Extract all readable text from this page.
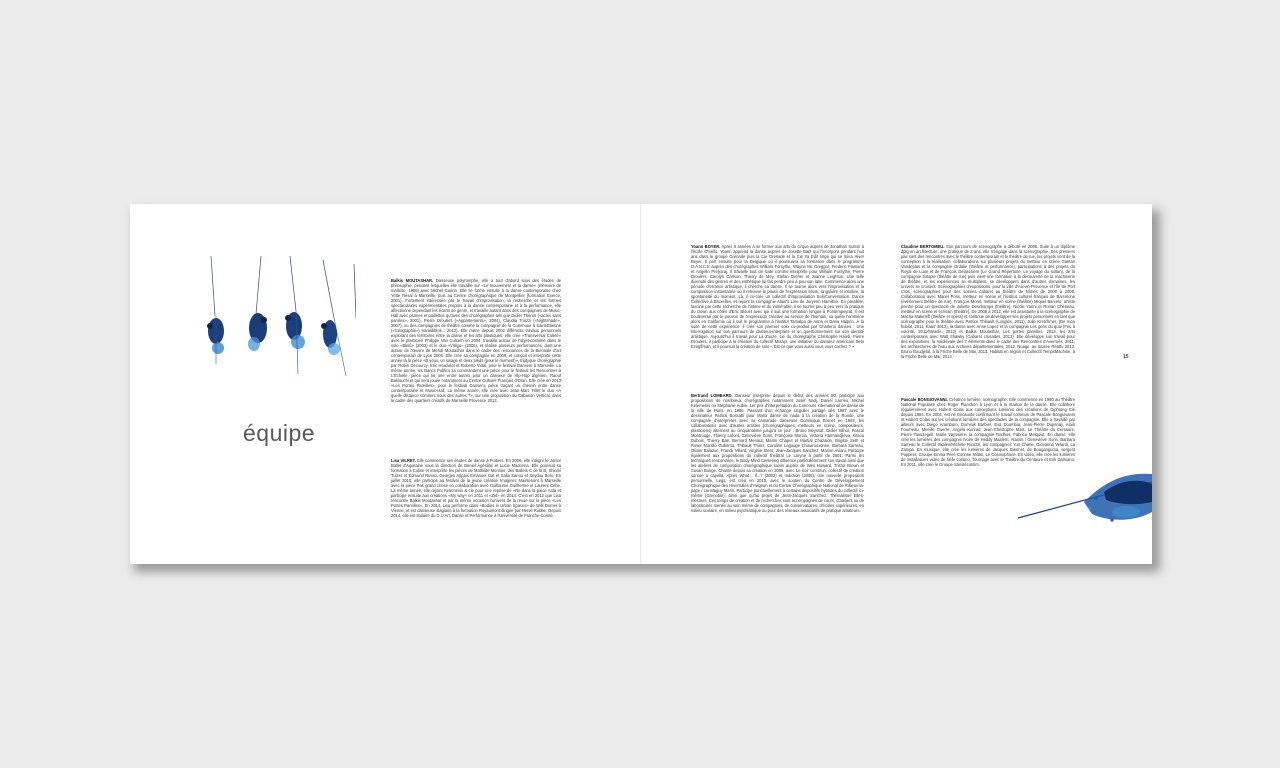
équipe

Balkis MOUTASHAR. Danseuse polymorphe, elle a tout d'abord suivi des études de philosophie, pendant lesquelles elle travaille sur «Le mouvement et la danse» (mémoire de maîtrise, 1998) avec Michel Guérin. Elle se forme ensuite à la danse contemporaine chez Yette Résal à Marseille, puis au Centre chorégraphique de Montpellier (formation Exerce, 2001). Fortement intéressée par le travail d'improvisation, la recherche et les formes spectaculaires expérimentales propres à la danse contemporaine et à la performance, elle affectionne cependant les écarts de genre, et travaille autant dans des compagnies de Music-Hall avec plumes et paillettes qu'avec des chorégraphes tels que Didier Théron («actes sans paroles», 2001), Pierre Droulers («Appartements», 2004), Claudia Triozzi («Nightshade», 2007), ou des compagnies de théâtre comme la compagnie de la Commune à Saint-Etienne («Géographie») Varaldiblok... 2012). Elle mène depuis 2002 différents travaux personnels explorant des territoires entre la danse et les arts plastiques: elle crée «Transversal Coleté» avec le plasticien Philippe Van Cutsem en 2004, travaille autour de l'objet-costume dans le solo «Bleiß» (2002) et le duo «Vitilgo» (2006), et réalise plusieurs performances, dont une autour de l'œuvre de Mehdi Moutashar dans le cadre des résonances de la Biennale d'art contemporain de Lyon 2005. Elle crée sa compagnie en 2009, et conçoit et interprète cette année là la pièce «B yeux, un visage et deux pieds (pour le moment)», triptyque chorégraphié par Robin Decourcy, Eric Houzelot et Roberto Vidal, pour le festival Dansem à Marseille. La même année, les Bancs Publics lui commandent une pièce pour le festival les Rencontres à L'Echelle, pièce qui lie une entre autres pour un danseur de Hip-Hop algérien, Raouf Baklouchi et qui sera jouée notamment au Centre Culturel Français d'Oran. Elle crée en 2013 «Les Portes Pareilles», pour le festival Dansem, pièce traçant un chemin entre danse contemporaine et Music-Hall. La même année, elle crée avec Jean-Marc Fillet le duo «A quelle distance sommes nous des autres ?», sur une proposition du Cabanon Vertical, dans le cadre des quartiers créatifs de Marseille Provence 2013.

Lisa VILRET. Elle commence ses études de danse à Poitiers. En 2006, elle intègre le Junior Ballet d'Aquitaine sous la direction de Daniel Agésilas et Lucie Madonna. Elle poursuit sa formation à Coline et interprète les pièces de Mathilde Monnier, des Ballets C de la B, Shlomi Tuizer et Edmond Russo, Georges Appaix Emanuel Gat et Salia Sanou et Seydou Boro. En juillet 2010, elle participe au festival de la jeune création Imaginez Maintenant à Marseille avec la pièce Pas grand chose en collaboration avec Guillaume Guilherme et Laurent Cèbe. La même année, elle rejoint Kelemenis & cie pour une reprise de «Re dans la pièce Aïda et participe ensuite aux créations «My way» en 2011 et «Zef» en 2014. C'est en 2012 que Lisa rencontre Balkis Moutashar et par la même occasion l'univers de la revue sur la pièce «Les Portes Pareilles». En 2014, Lisa performe dans «Bodies in Urban Spaces» de Willi Dorner à Vienne, et est danseuse stagiaire à la formation Royaumont dirigée par Hervé Robbe. Depuis 2014, elle est titulaire du D.U Art, Danse et Performance à l'Université de Franche-Comté.

Yoann BOYER. Après 6 années à se former aux arts du cirque auprès de Jonathan Sutton à l'école O'Sello, Yoann apprend la danse auprès de Josette Baïz qui l'incorpora pendant huit ans dans le groupe Grenade puis la Cie Grenade et la Cie Ya Edit ringé qui se mina Hiver Beyer. Il part ensuite pour la Belgique où il poursuivra sa formation dans le programme D.A.N.C.E auprès des chorégraphes William Forsythe, Wayne Mc Greggor, Frederic Flamand et Angelin Preljocaj. Il travaille tout de suite comme interprète pour William Forsythe, Pierre Droulers, Carolyn Carlson, Thierry de Mey, Stefan Dreher et Joanne Leighton. Une telle diversité des genres et des esthétique lui fait perdre peu à peu son latin. Commence alors une période d'errance artistique, il cherche sa danse. Il se tourne alors vers l'improvisation et la composition instantanée où il retrouve le plaisir de l'expression brute, singulière et intuitive, la spontanéité du moment. Là, il co-crée un collectif d'improvisation SoloConversation. Dance Collective à Bruxelles, et rejoint la compagnie Alain's Line de Juryerin Hamilton. En parallèle, fasciné par cette recherche de l'intime et du vulnérable, il se tourne peu à peu vers la pratique du clown aux côtés d'Eric Blouet avec qui il suit une formation longue à Pontempeyrat. Il est bouleversé par le pouvoir de l'expression créative au service de l'humain, sa quête l'emmène alors en Californie où il suit le programme à l'institut Tamalpa de Anna et Daria Halprin. À la suite de cette expérience, il crée son premier solo co-produit par Charleroi danses : Une interrogation sur son parcours de danseur-interprète et un questionnement sur son identité artistique. Aujourd'hui il travail pour La Zouze, cie du chorégraphe Christophe Haleb, Pierre Droulers, il participe à la création du collectif Mutayr, une initiative du danseur américain Seto Ezngffman, et il poursuit la création de solo « Est-ce que vous aussi vous vous cachez ? »

Bertrand LOMBARD. Danseur interprète depuis le début des années 80, participe aux propositions de nombreux chorégraphes notamment Josef Nadj, Daniel Larrieu, Michel Kelemenis ou Stéphanie Aubin. 1er prix d'interprétation du Concours international de danse de la ville de Paris, en 1986. Passant d'un échange singulier partagé dès 1987 avec le dessinateur Patrick Bossatti pour Maria danse de nada à la création de la Ronde, une compagnie d'interprètes avec sa camarade danseuse Dominique Brunet en 1993, les collaborations avec d'autres artistes (chorégraphiques, metteurs en scène, compositeurs, plasticiens) alternent au cinquantième jusqu'à ce jour : Bruno Meyssat, Didier Silhol, Pascal Montrouge, Thierry Lafont, Geneviève Sorin, Françoise Murcia, Victoria Harmandjieva, Kitsou Dubois, Thierry Baë, Bernard Menaut, Martin Chaput et Martial Chazalon, Brigitte Seth et Roser Montlló Guberna, Thibault Thirez, Caroline Lagouge Chouirouxonne, Barbara Sarreau, Olivier Balazuc, Franck Villard, Virginie Stern, Jean-Jacques Sanchez, Marion Aviani. Participe également aux propositions du collectif théâtral Le Laryne à partir de 2001. Parmi les techniques rencontrées, le Body Mind Centering influence particulièrement son travail ainsi que les ateliers de composition chorégraphique suivis auprès de Wes Howard, Trisha Brown et Susan Buirge. Chante depuis sa création en 2005, avec Le noir commun, collectif de création sonore a capella. Après What... if...? (2002) et Indiction (2008), une nouvelle proposition personnelle, Legs, est créé en 2010, avec le soutien du Centre de Développement Chorégraphique des Hivernales d'Avignon et du Centre Chorégraphique National de Rillieux-la-pape / cie Maguy Marin. Participe ponctuellement à certains dispositifs hybrides du collectif ici-même (Grenoble), ainsi que qu'au projet de Jean-Jacques Sanchez, Thémaliste/ Elles-mesmes. Ces temps de création et de recherches sont accompagnés de cours, d'ateliers ou de laboratoires menés au sein même de compagnies, de conservatoires, d'écoles supérieures, en milieu scolaire, en milieu psychiatrique ou pour des réseaux associatifs de pratique amateurs.

Claudine BERTOMEU. Son parcours de scénographe a débuté en 2006. Suite à un diplôme dplg en architecture, une pratique de 2 ans, elle s'engage dans la scénographie. Ses premiers pas sont des rencontres avec le théâtre contemporain et le théâtre de rue, les projets vont de la conception à la réalisation, collaborations sur plusieurs projets du metteur en scène Gaëtan Vandeplas et la compagnie Ordalie (théâtre et performance), participations à des projets du Royal de Luxe et de François Delarozière (Le Grand Répertoire, Le voyage du sultan), de la compagnie Ilotopie (théâtre de rue) puis vient une formation à la découverte de la machinerie de théâtre, et les expériences se multiplient, se développent dans d'autres domaines, les univers se croisent. Scénographies d'expositions, pour la ville d'Aix-en-Provence et l'île de Port Cros, scénographies pour des soirées cabaret au théâtre de Nîmes de 2006 à 2008. Collaboration avec Manel Pons, metteur en scène et l'institut culturel français de Barcelone (événement théâtre de rue), François Morel, metteur en scène (théâtre) Miquel Barcelo, artiste peintre pour un spectacle de Juliette Deschamps (théâtre), Nicole Yanni et Ronan Chéneau, metteur en scène et écrivain (théâtre). De 2008 à 2012, elle est assistante à la scénographie de Macha Makeïeff (théâtre et opéra) et continue de développer ses projets personnels en tant que scénographe pour le théâtre avec Patrice Thibault (Longlès, 2011), Julie Kretchmer, (De mon hublot, 2011, Kaas' 2013), la danse avec Anne Lopez et la compagnie Les gens du quai (Feu à volonté, 2011/Miracle, 2013) et Balkis Moutashar, Les portes pareilles, 2013, les arts contemporains avec Watt Shawky (Cabaret crusades, 2012). Elle développe son travail pour des expositions, la médiévale des 7 éléments dans le cadre des Rencontres d'Averroès, 2011, les architectures de l'eau aux Archives départementales, 2012. Nuage, au musée Réattu 2013, Bruno Boudjelal, à la Friche Belle de Mai, 2013. Habitat en région et Collectif TempsMachine, à la Friche Belle de Mai, 2014.

Pascale BONGIOVANNI. Créatrice lumière, scénographe. Elle commence en 1980 au Théâtre National Populaire chez Roger Planchon à Lyon et à la maison de la danse. Elle collabore régulièrement avec Hubert Colas aux conceptions lumières des créations de Diphtong Cie depuis 1984. En 2001, est né Encausto confirmant le travail commun de Pascale Bongiovanni et Hubert Colas sur les créations lumières des spectacles de la compagnie. Elle a travaillé par ailleurs avec Diego Aramburo, Dominik Barbier, Eva Doumbia, Jean-Pierre Dupenay, Alain Fourneau, Mireille Guerre, Angela Konrad, Jean-Christophe Mast, Le Théâtre du Centaure, Pierre Tasuzegell, Marie Vayssière, la compagnie Rodhos, Fabrice Melquiot. En danse, elle crée les lumières des compagnie Ivoire de Heddy Maalem, Ataxon / Geneviève Sorin, Barbara Sarreau le Collectif Skalen/Michèle Ricozzi, les compagnies Yun Chane, Giovanna Velardi, La Zampa. En musique, elle crée les lumières de Jacques Diennet, de Bouganguma, sergent Poppers, Groupe Emma Peel, Corinne Millan, Le Cosmophone. En vidéo, elle crée les lumières de installations vidéo de Nefe corsino. Tournage avec le Théâtre du Centaure et Erik Damiano. En 2011, elle crée le Groupe Sanstécontim.

15
